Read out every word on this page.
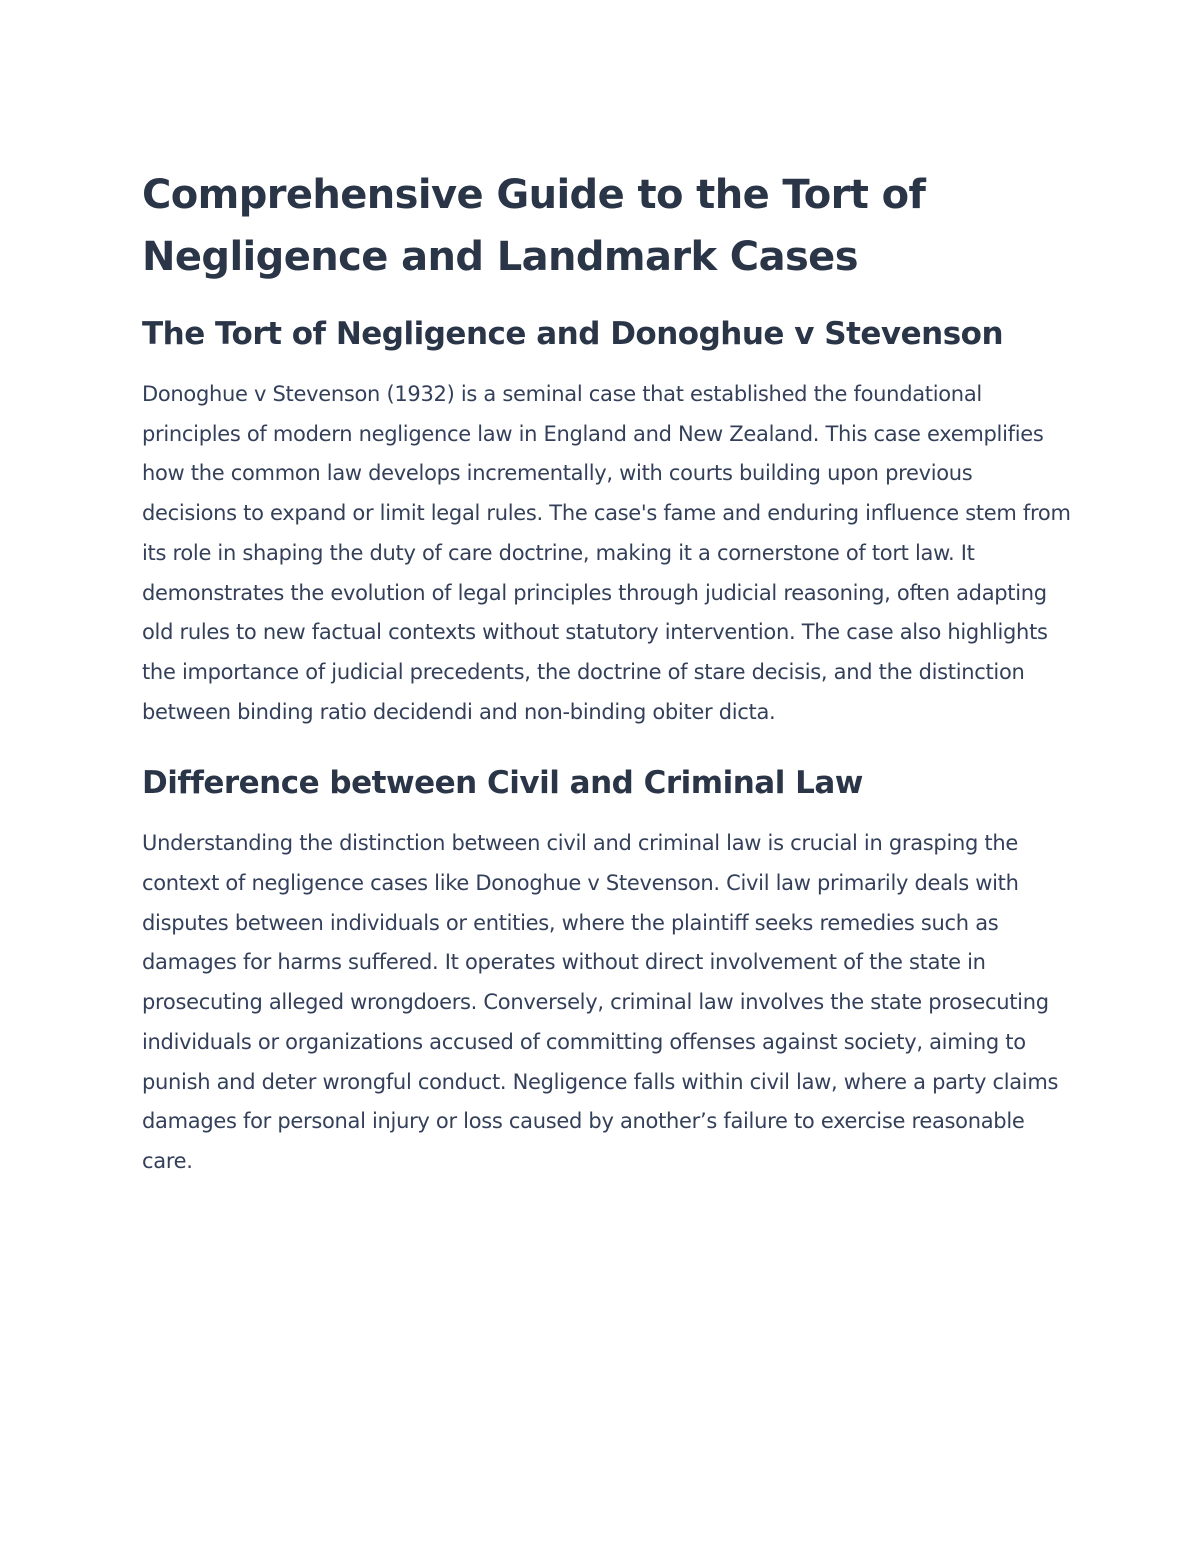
Comprehensive Guide to the Tort of Negligence and Landmark Cases
The Tort of Negligence and Donoghue v Stevenson

Donoghue v Stevenson (1932) is a seminal case that established the foundational principles of modern negligence law in England and New Zealand. This case exemplifies how the common law develops incrementally, with courts building upon previous decisions to expand or limit legal rules. The case's fame and enduring influence stem from its role in shaping the duty of care doctrine, making it a cornerstone of tort law. It demonstrates the evolution of legal principles through judicial reasoning, often adapting old rules to new factual contexts without statutory intervention. The case also highlights the importance of judicial precedents, the doctrine of stare decisis, and the distinction between binding ratio decidendi and non-binding obiter dicta.

Difference between Civil and Criminal Law

Understanding the distinction between civil and criminal law is crucial in grasping the context of negligence cases like Donoghue v Stevenson. Civil law primarily deals with disputes between individuals or entities, where the plaintiff seeks remedies such as damages for harms suffered. It operates without direct involvement of the state in prosecuting alleged wrongdoers. Conversely, criminal law involves the state prosecuting individuals or organizations accused of committing offenses against society, aiming to punish and deter wrongful conduct. Negligence falls within civil law, where a party claims damages for personal injury or loss caused by another’s failure to exercise reasonable care.
